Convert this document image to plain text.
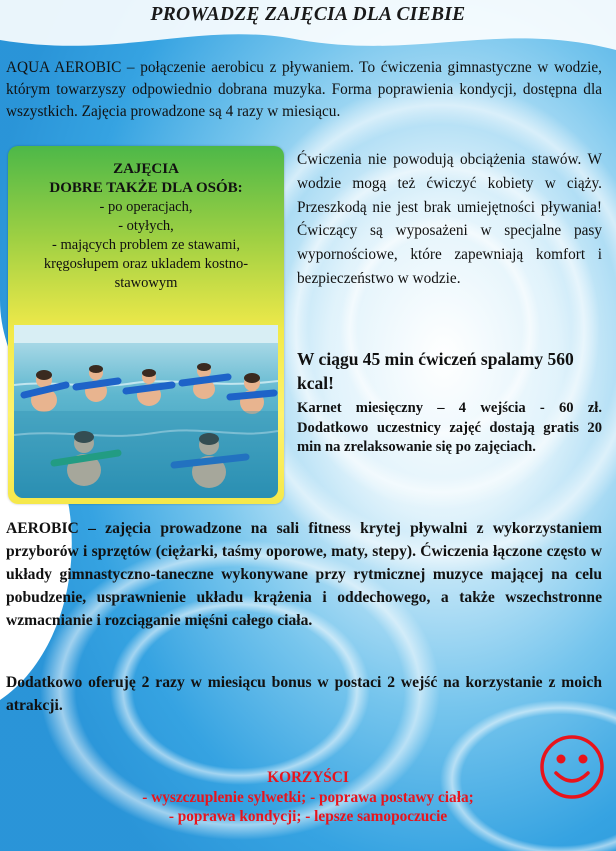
PROWADZĘ ZAJĘCIA DLA CIEBIE
AQUA AEROBIC – połączenie aerobicu z pływaniem. To ćwiczenia gimnastyczne w wodzie, którym towarzyszy odpowiednio dobrana muzyka. Forma poprawienia kondycji, dostępna dla wszystkich. Zajęcia prowadzone są 4 razy w miesiącu.
ZAJĘCIA
DOBRE TAKŻE DLA OSÓB:
- po operacjach,
- otyłych,
- mających problem ze stawami,
kręgosłupem oraz ukladem kostno-
stawowym
Ćwiczenia nie powodują obciążenia stawów. W wodzie mogą też ćwiczyć kobiety w ciąży. Przeszkodą nie jest brak umiejętności pływania! Ćwiczący są wyposażeni w specjalne pasy wypornościowe, które zapewniają komfort i bezpieczeństwo w wodzie.
W ciągu 45 min ćwiczeń spalamy 560 kcal!
Karnet miesięczny – 4 wejścia - 60 zł. Dodatkowo uczestnicy zajęć dostają gratis 20 min na zrelaksowanie się po zajęciach.
AEROBIC – zajęcia prowadzone na sali fitness krytej pływalni z wykorzystaniem przyborów i sprzętów (ciężarki, taśmy oporowe, maty, stepy). Ćwiczenia łączone często w układy gimnastyczno-taneczne wykonywane przy rytmicznej muzyce mającej na celu pobudzenie, usprawnienie układu krążenia i oddechowego, a także wszechstronne wzmacnianie i rozciąganie mięśni całego ciała.
Dodatkowo oferuję 2 razy w miesiącu bonus w postaci 2 wejść na korzystanie z moich atrakcji.
KORZYŚCI
- wyszczuplenie sylwetki; - poprawa postawy ciała;
- poprawa kondycji; - lepsze samopoczucie
